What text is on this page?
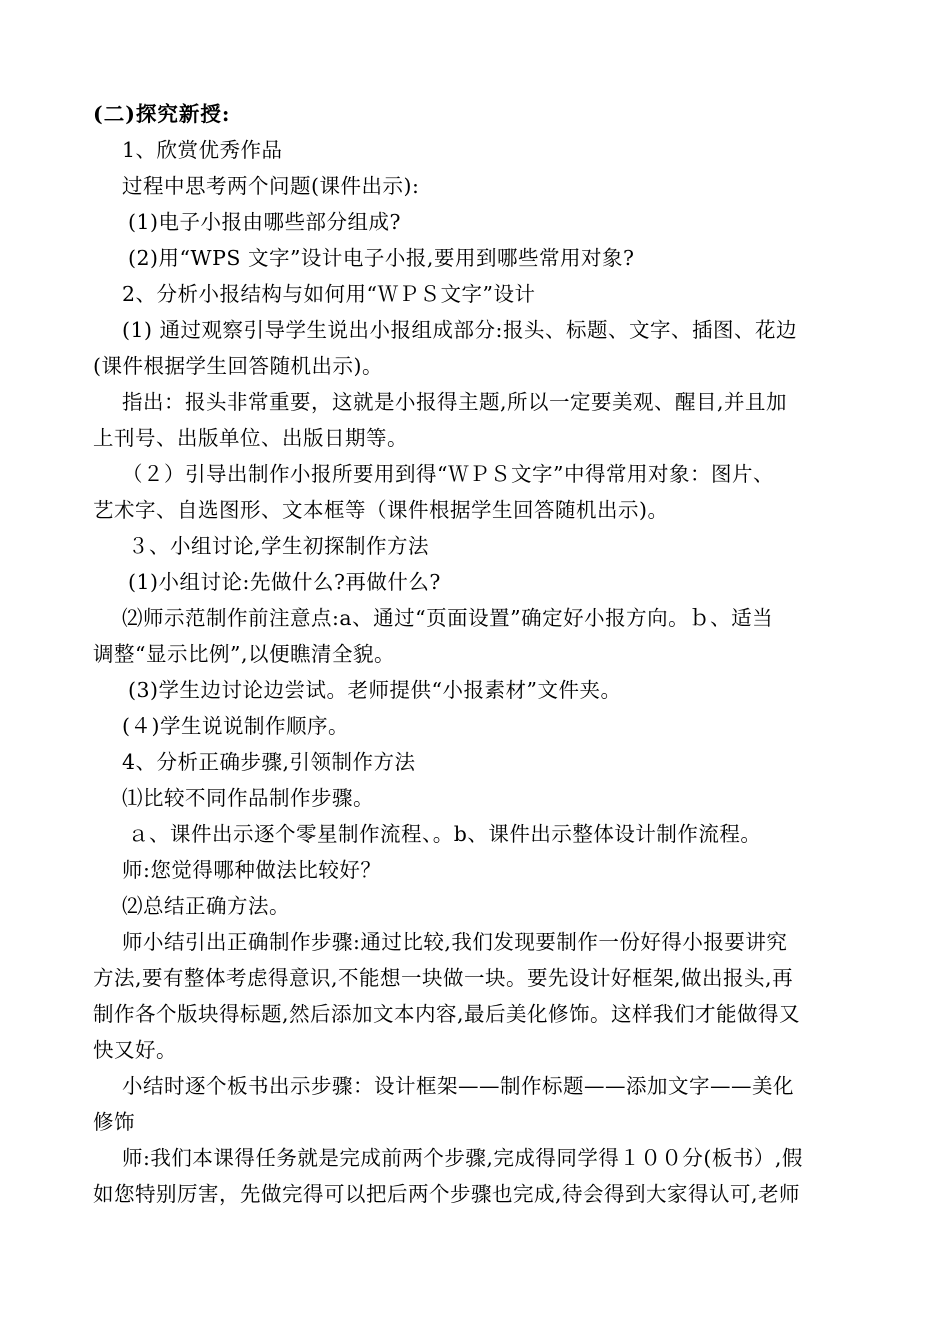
(二)探究新授:
1、欣赏优秀作品
过程中思考两个问题(课件出示):
(1)电子小报由哪些部分组成?
(2)用“WPS 文字”设计电子小报,要用到哪些常用对象?
2、分析小报结构与如何用“ＷＰＳ文字”设计
(1) 通过观察引导学生说出小报组成部分:报头、标题、文字、插图、花边
(课件根据学生回答随机出示)。
指出：报头非常重要，这就是小报得主题,所以一定要美观、醒目,并且加
上刊号、出版单位、出版日期等。
（２）引导出制作小报所要用到得“ＷＰＳ文字”中得常用对象：图片、
艺术字、自选图形、文本框等（课件根据学生回答随机出示)。
３、小组讨论,学生初探制作方法
(1)小组讨论:先做什么?再做什么?
⑵师示范制作前注意点:a、通过“页面设置”确定好小报方向。ｂ、适当
调整“显示比例”,以便瞧清全貌。
(3)学生边讨论边尝试。老师提供“小报素材”文件夹。
(４)学生说说制作顺序。
4、分析正确步骤,引领制作方法
⑴比较不同作品制作步骤。
ａ、课件出示逐个零星制作流程、。b、课件出示整体设计制作流程。
师:您觉得哪种做法比较好？
⑵总结正确方法。
师小结引出正确制作步骤:通过比较,我们发现要制作一份好得小报要讲究
方法,要有整体考虑得意识,不能想一块做一块。要先设计好框架,做出报头,再
制作各个版块得标题,然后添加文本内容,最后美化修饰。这样我们才能做得又
快又好。
小结时逐个板书出示步骤：设计框架——制作标题——添加文字——美化
修饰
师:我们本课得任务就是完成前两个步骤,完成得同学得１００分(板书）,假
如您特别厉害，先做完得可以把后两个步骤也完成,待会得到大家得认可,老师
